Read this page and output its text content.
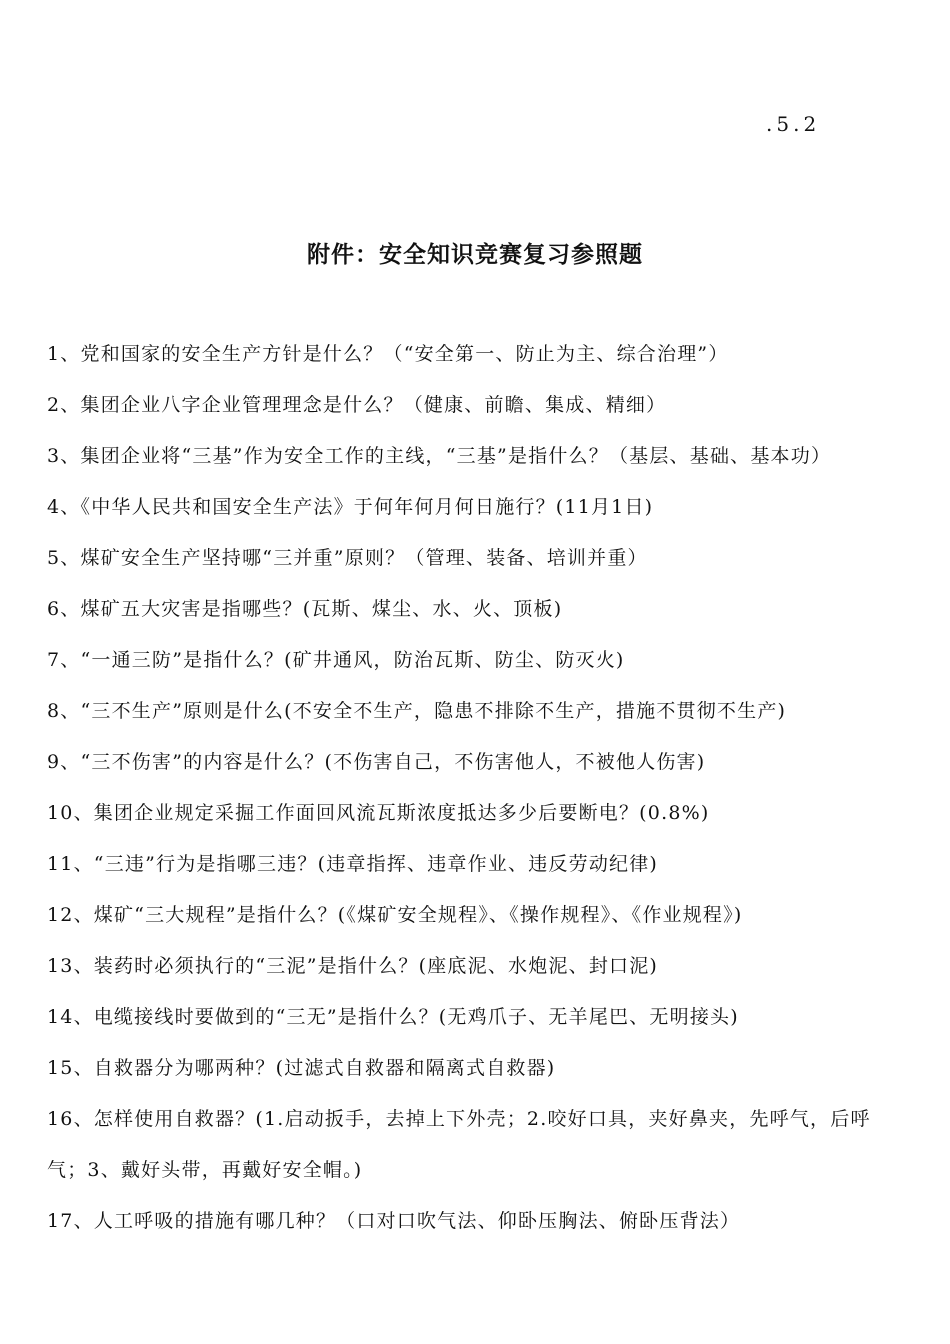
.5.2
附件：安全知识竞赛复习参照题
1、党和国家的安全生产方针是什么？（“安全第一、防止为主、综合治理”）
2、集团企业八字企业管理理念是什么？（健康、前瞻、集成、精细）
3、集团企业将“三基”作为安全工作的主线，“三基”是指什么？（基层、基础、基本功）
4、《中华人民共和国安全生产法》于何年何月何日施行？(11月1日)
5、煤矿安全生产坚持哪“三并重”原则？（管理、装备、培训并重）
6、煤矿五大灾害是指哪些？(瓦斯、煤尘、水、火、顶板)
7、“一通三防”是指什么？(矿井通风，防治瓦斯、防尘、防灭火)
8、“三不生产”原则是什么(不安全不生产，隐患不排除不生产，措施不贯彻不生产)
9、“三不伤害”的内容是什么？(不伤害自己，不伤害他人，不被他人伤害)
10、集团企业规定采掘工作面回风流瓦斯浓度抵达多少后要断电？(0.8%)
11、“三违”行为是指哪三违？(违章指挥、违章作业、违反劳动纪律)
12、煤矿“三大规程”是指什么？(《煤矿安全规程》、《操作规程》、《作业规程》)
13、装药时必须执行的“三泥”是指什么？(座底泥、水炮泥、封口泥)
14、电缆接线时要做到的“三无”是指什么？(无鸡爪子、无羊尾巴、无明接头)
15、自救器分为哪两种？(过滤式自救器和隔离式自救器)
16、怎样使用自救器？(1.启动扳手，去掉上下外壳；2.咬好口具，夹好鼻夹，先呼气，后呼气；3、戴好头带，再戴好安全帽。)
17、人工呼吸的措施有哪几种？（口对口吹气法、仰卧压胸法、俯卧压背法）
